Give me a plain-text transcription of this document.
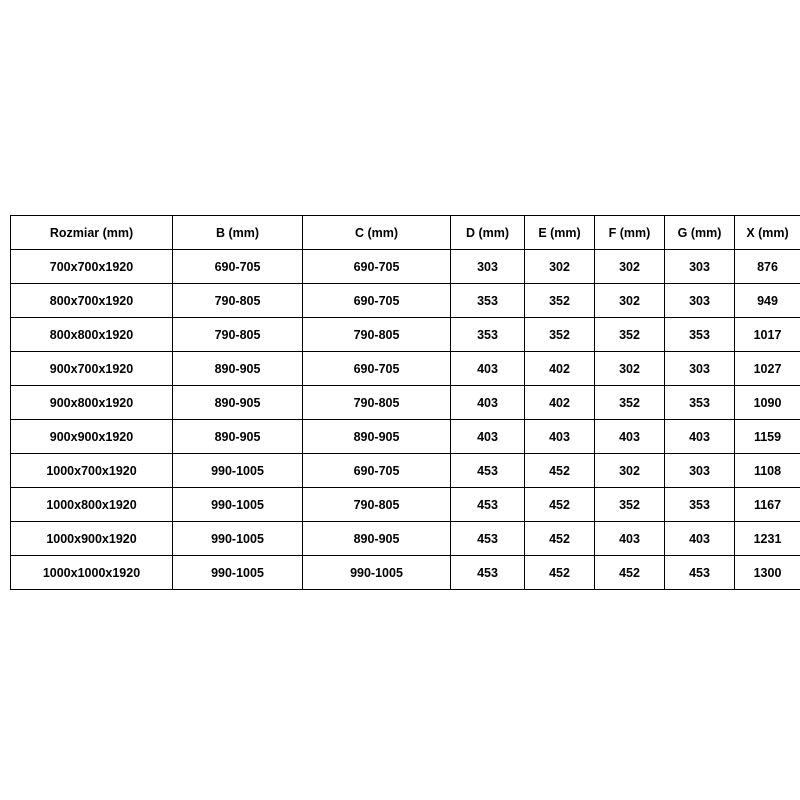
Rozmiar (mm)	B (mm)	C (mm)	D (mm)	E (mm)	F (mm)	G (mm)	X (mm)
700x700x1920	690-705	690-705	303	302	302	303	876
800x700x1920	790-805	690-705	353	352	302	303	949
800x800x1920	790-805	790-805	353	352	352	353	1017
900x700x1920	890-905	690-705	403	402	302	303	1027
900x800x1920	890-905	790-805	403	402	352	353	1090
900x900x1920	890-905	890-905	403	403	403	403	1159
1000x700x1920	990-1005	690-705	453	452	302	303	1108
1000x800x1920	990-1005	790-805	453	452	352	353	1167
1000x900x1920	990-1005	890-905	453	452	403	403	1231
1000x1000x1920	990-1005	990-1005	453	452	452	453	1300
